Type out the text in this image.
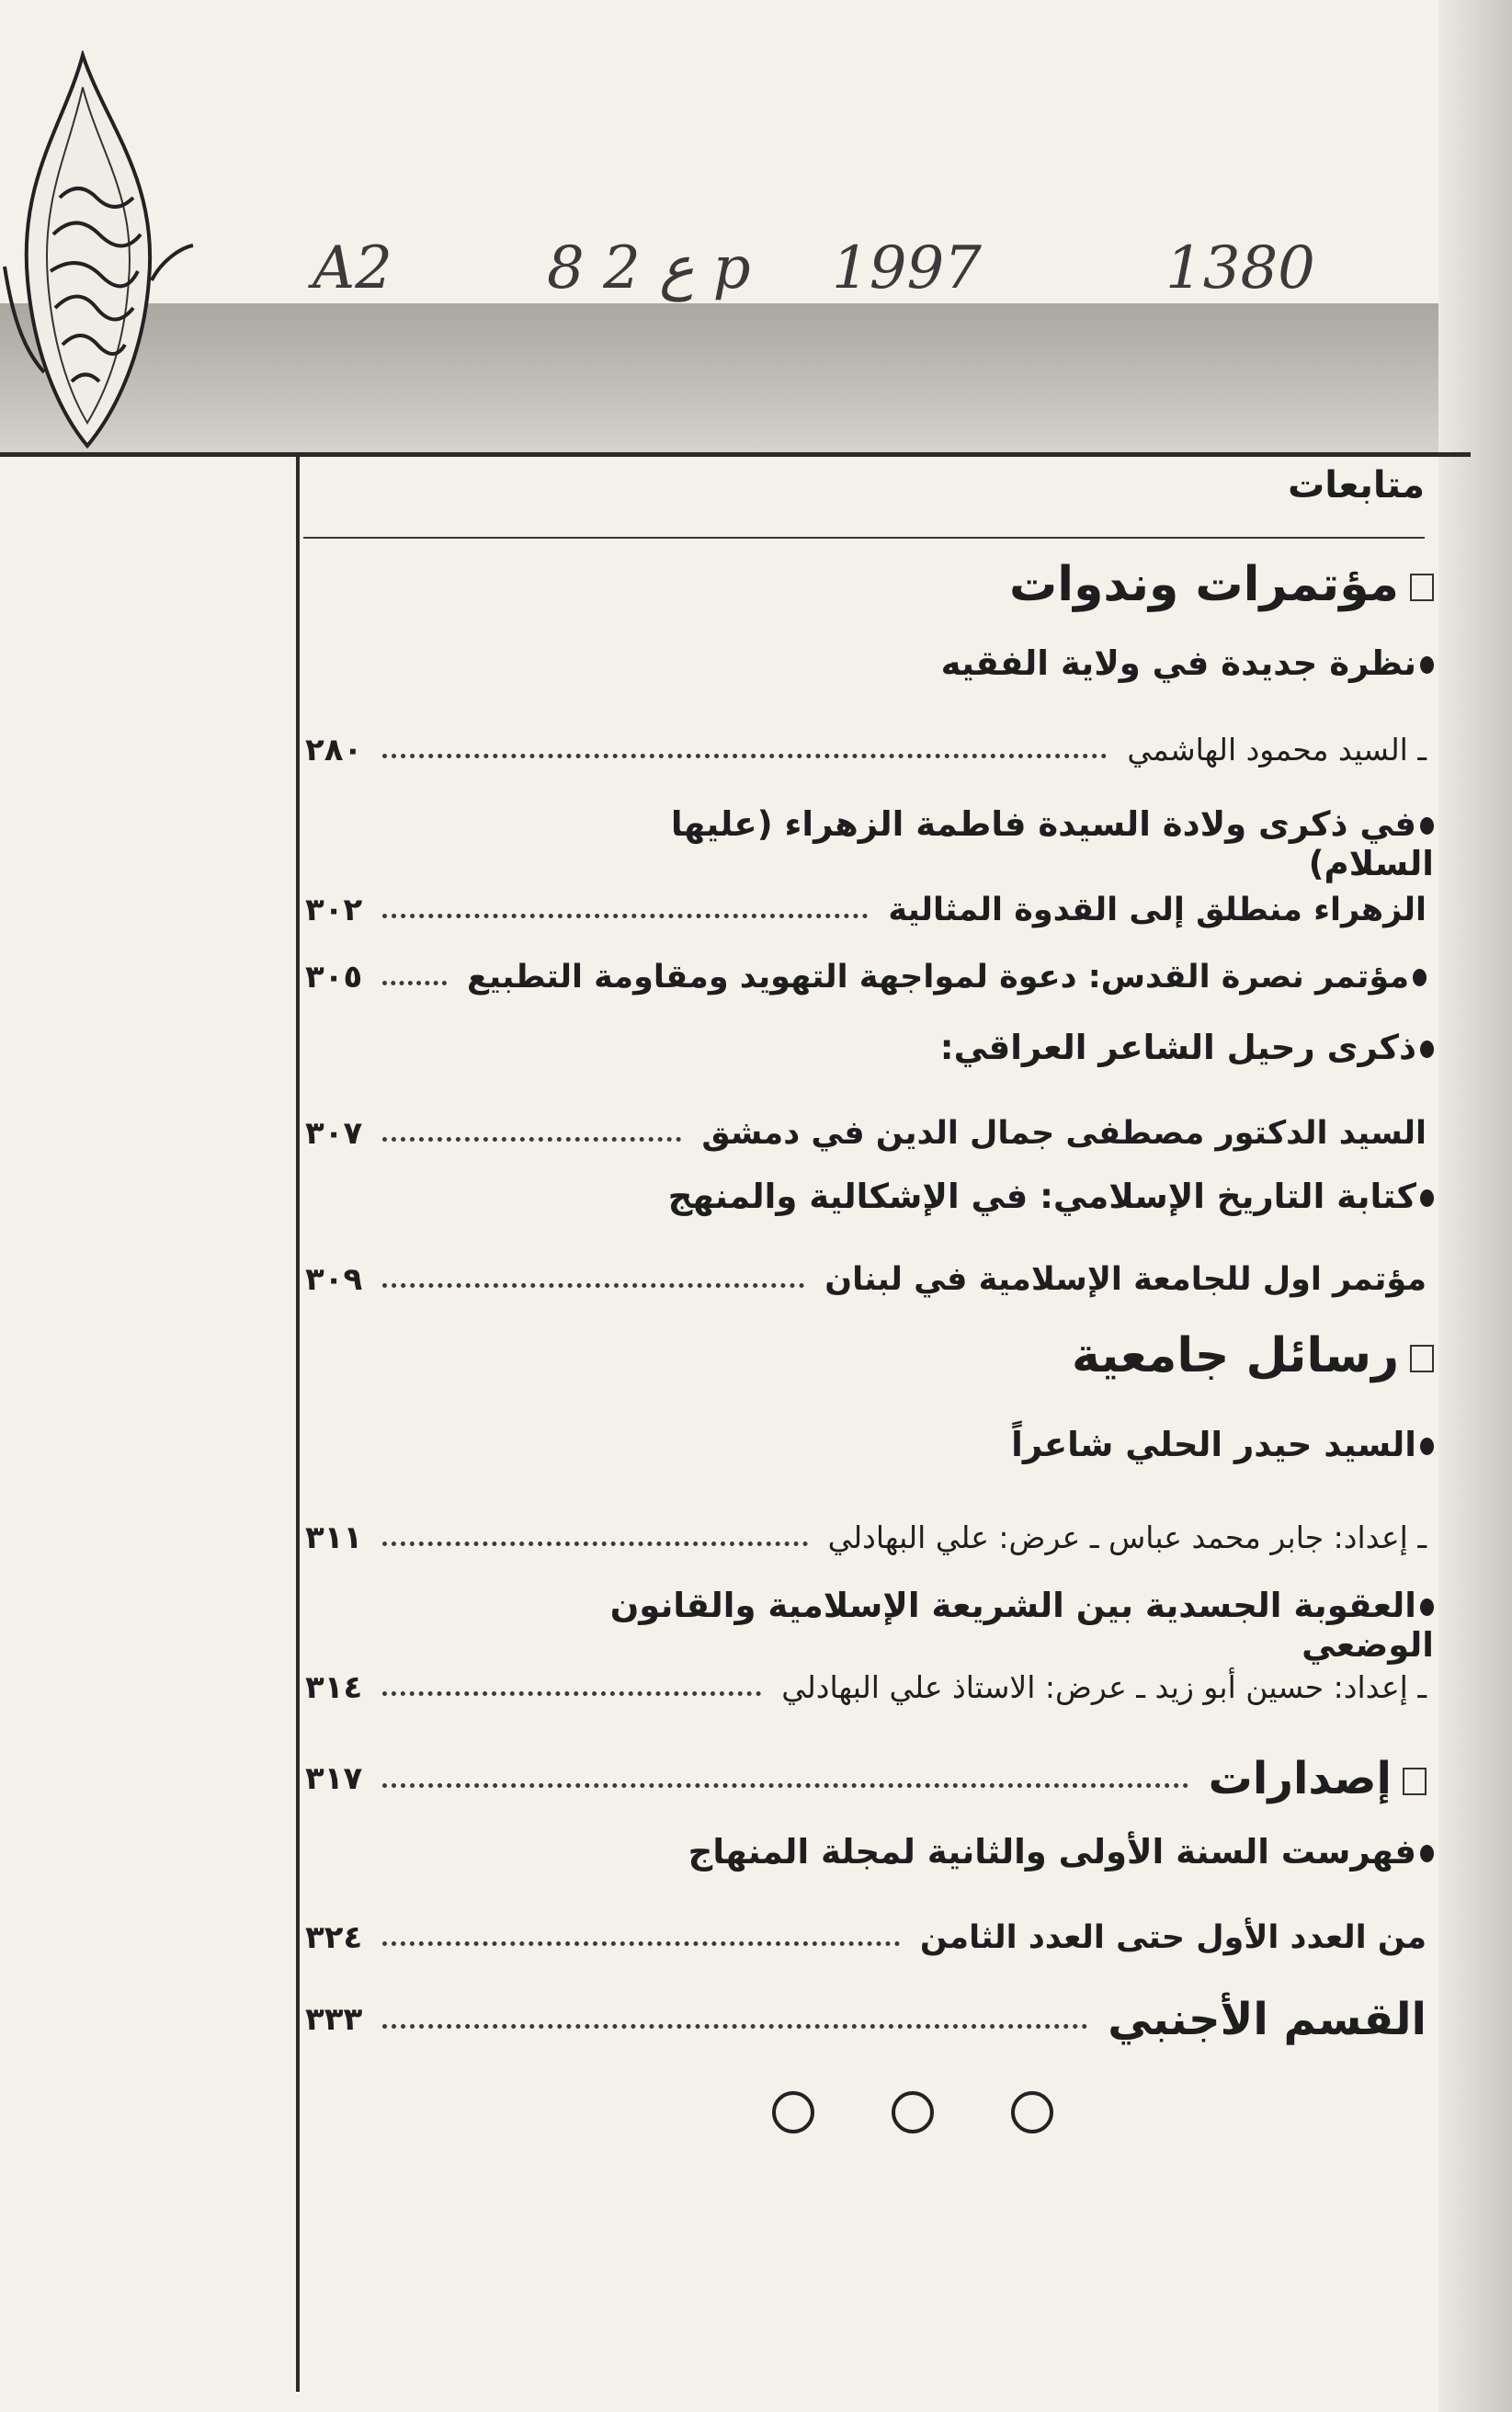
A2	8 ع 2 p 1997	1380
متابعات
مؤتمرات وندوات
نظرة جديدة في ولاية الفقيه
ـ السيد محمود الهاشمي
٢٨٠
في ذكرى ولادة السيدة فاطمة الزهراء (عليها السلام)
الزهراء منطلق إلى القدوة المثالية
٣٠٢
مؤتمر نصرة القدس: دعوة لمواجهة التهويد ومقاومة التطبيع
٣٠٥
ذكرى رحيل الشاعر العراقي:
السيد الدكتور مصطفى جمال الدين في دمشق
٣٠٧
كتابة التاريخ الإسلامي: في الإشكالية والمنهج
مؤتمر اول للجامعة الإسلامية في لبنان
٣٠٩
رسائل جامعية
السيد حيدر الحلي شاعراً
ـ إعداد: جابر محمد عباس ـ عرض: علي البهادلي
٣١١
العقوبة الجسدية بين الشريعة الإسلامية والقانون الوضعي
ـ إعداد: حسين أبو زيد ـ عرض: الاستاذ علي البهادلي
٣١٤
إصدارات
٣١٧
فهرست السنة الأولى والثانية لمجلة المنهاج
من العدد الأول حتى العدد الثامن
٣٢٤
القسم الأجنبي
٣٣٣
